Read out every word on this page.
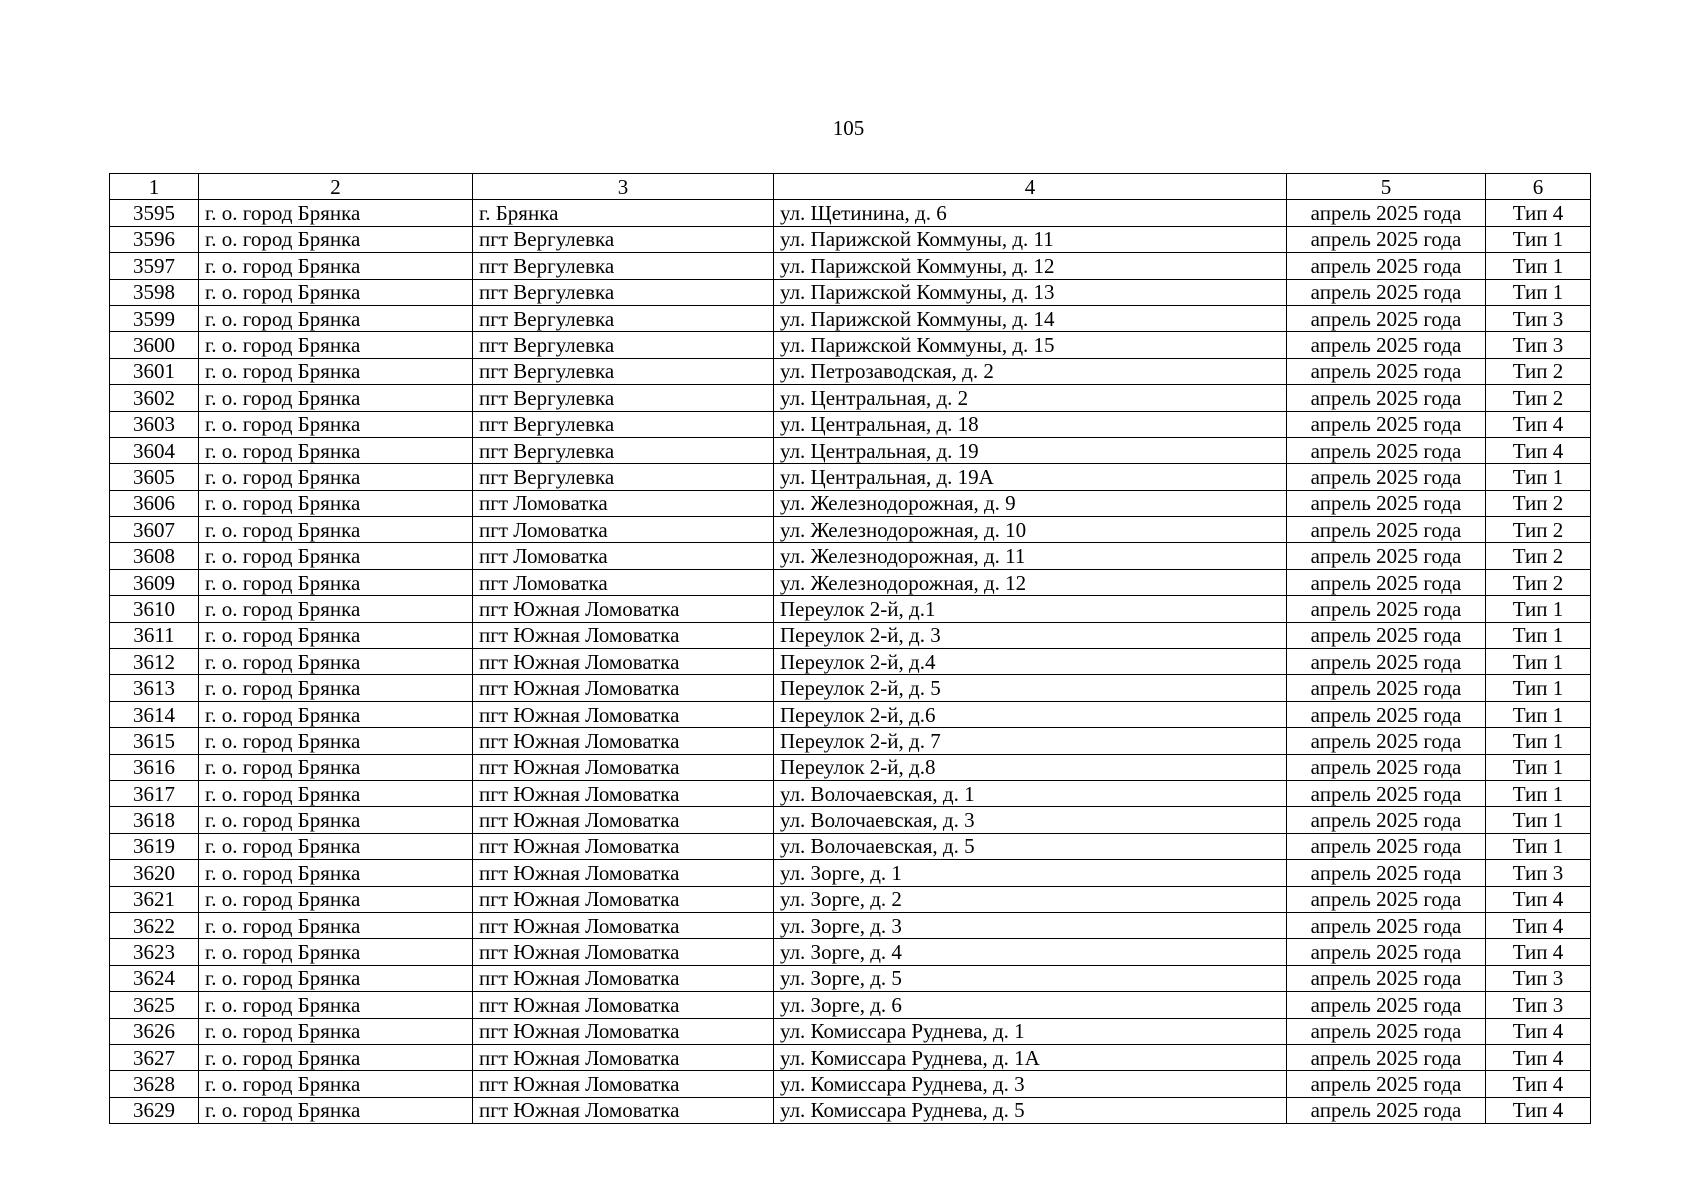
105
1	2	3	4	5	6
3595	г. о. город Брянка	г. Брянка	ул. Щетинина, д. 6	апрель 2025 года	Тип 4
3596	г. о. город Брянка	пгт Вергулевка	ул. Парижской Коммуны, д. 11	апрель 2025 года	Тип 1
3597	г. о. город Брянка	пгт Вергулевка	ул. Парижской Коммуны, д. 12	апрель 2025 года	Тип 1
3598	г. о. город Брянка	пгт Вергулевка	ул. Парижской Коммуны, д. 13	апрель 2025 года	Тип 1
3599	г. о. город Брянка	пгт Вергулевка	ул. Парижской Коммуны, д. 14	апрель 2025 года	Тип 3
3600	г. о. город Брянка	пгт Вергулевка	ул. Парижской Коммуны, д. 15	апрель 2025 года	Тип 3
3601	г. о. город Брянка	пгт Вергулевка	ул. Петрозаводская, д. 2	апрель 2025 года	Тип 2
3602	г. о. город Брянка	пгт Вергулевка	ул. Центральная, д. 2	апрель 2025 года	Тип 2
3603	г. о. город Брянка	пгт Вергулевка	ул. Центральная, д. 18	апрель 2025 года	Тип 4
3604	г. о. город Брянка	пгт Вергулевка	ул. Центральная, д. 19	апрель 2025 года	Тип 4
3605	г. о. город Брянка	пгт Вергулевка	ул. Центральная, д. 19А	апрель 2025 года	Тип 1
3606	г. о. город Брянка	пгт Ломоватка	ул. Железнодорожная, д. 9	апрель 2025 года	Тип 2
3607	г. о. город Брянка	пгт Ломоватка	ул. Железнодорожная, д. 10	апрель 2025 года	Тип 2
3608	г. о. город Брянка	пгт Ломоватка	ул. Железнодорожная, д. 11	апрель 2025 года	Тип 2
3609	г. о. город Брянка	пгт Ломоватка	ул. Железнодорожная, д. 12	апрель 2025 года	Тип 2
3610	г. о. город Брянка	пгт Южная Ломоватка	Переулок 2-й, д.1	апрель 2025 года	Тип 1
3611	г. о. город Брянка	пгт Южная Ломоватка	Переулок 2-й, д. 3	апрель 2025 года	Тип 1
3612	г. о. город Брянка	пгт Южная Ломоватка	Переулок 2-й, д.4	апрель 2025 года	Тип 1
3613	г. о. город Брянка	пгт Южная Ломоватка	Переулок 2-й, д. 5	апрель 2025 года	Тип 1
3614	г. о. город Брянка	пгт Южная Ломоватка	Переулок 2-й, д.6	апрель 2025 года	Тип 1
3615	г. о. город Брянка	пгт Южная Ломоватка	Переулок 2-й, д. 7	апрель 2025 года	Тип 1
3616	г. о. город Брянка	пгт Южная Ломоватка	Переулок 2-й, д.8	апрель 2025 года	Тип 1
3617	г. о. город Брянка	пгт Южная Ломоватка	ул. Волочаевская, д. 1	апрель 2025 года	Тип 1
3618	г. о. город Брянка	пгт Южная Ломоватка	ул. Волочаевская, д. 3	апрель 2025 года	Тип 1
3619	г. о. город Брянка	пгт Южная Ломоватка	ул. Волочаевская, д. 5	апрель 2025 года	Тип 1
3620	г. о. город Брянка	пгт Южная Ломоватка	ул. Зорге, д. 1	апрель 2025 года	Тип 3
3621	г. о. город Брянка	пгт Южная Ломоватка	ул. Зорге, д. 2	апрель 2025 года	Тип 4
3622	г. о. город Брянка	пгт Южная Ломоватка	ул. Зорге, д. 3	апрель 2025 года	Тип 4
3623	г. о. город Брянка	пгт Южная Ломоватка	ул. Зорге, д. 4	апрель 2025 года	Тип 4
3624	г. о. город Брянка	пгт Южная Ломоватка	ул. Зорге, д. 5	апрель 2025 года	Тип 3
3625	г. о. город Брянка	пгт Южная Ломоватка	ул. Зорге, д. 6	апрель 2025 года	Тип 3
3626	г. о. город Брянка	пгт Южная Ломоватка	ул. Комиссара Руднева, д. 1	апрель 2025 года	Тип 4
3627	г. о. город Брянка	пгт Южная Ломоватка	ул. Комиссара Руднева, д. 1А	апрель 2025 года	Тип 4
3628	г. о. город Брянка	пгт Южная Ломоватка	ул. Комиссара Руднева, д. 3	апрель 2025 года	Тип 4
3629	г. о. город Брянка	пгт Южная Ломоватка	ул. Комиссара Руднева, д. 5	апрель 2025 года	Тип 4
